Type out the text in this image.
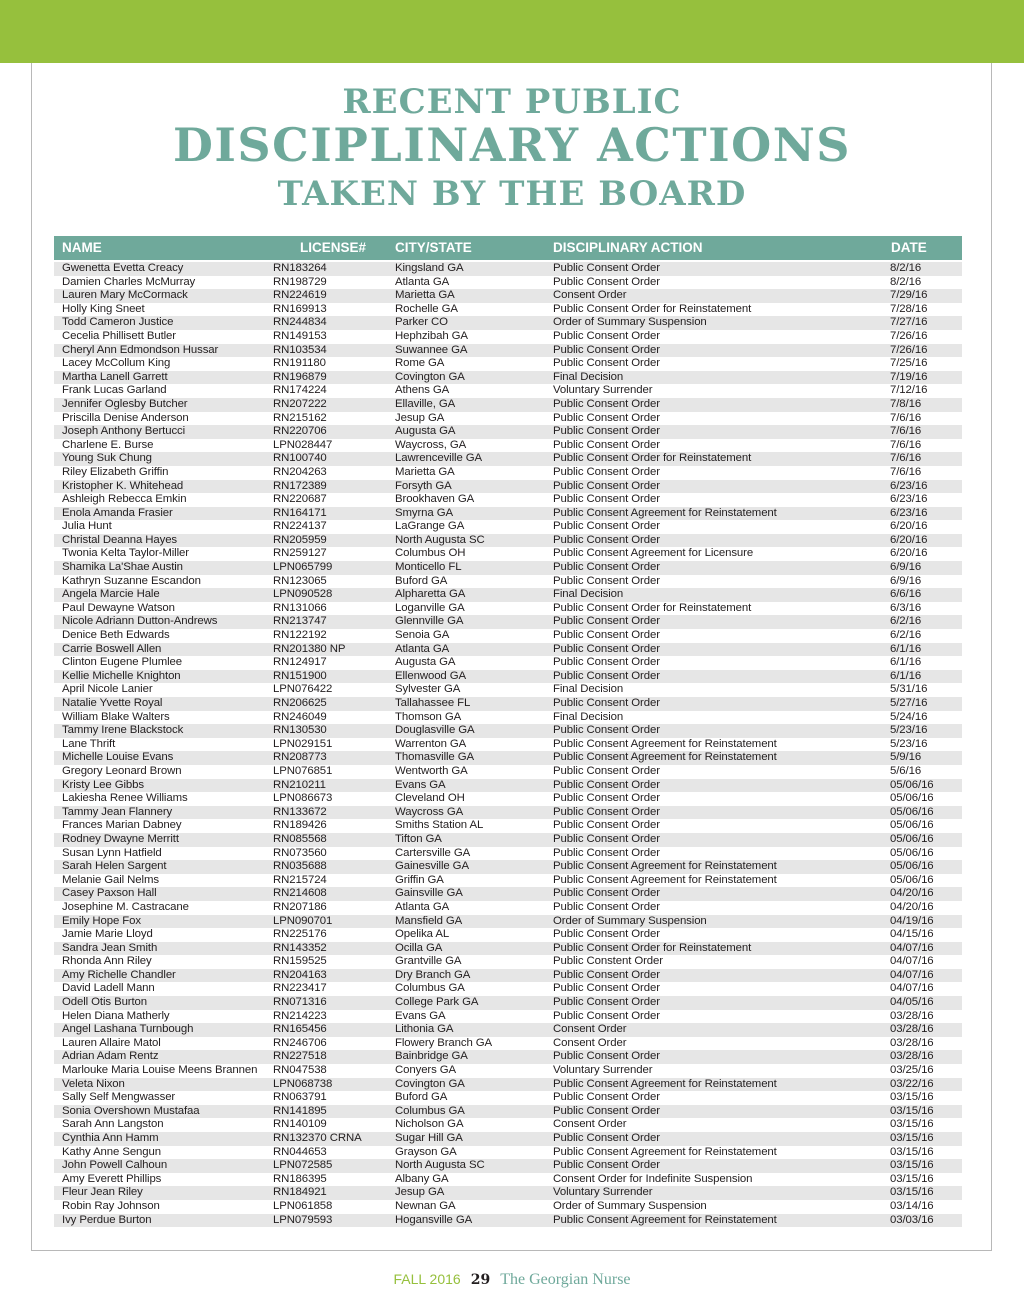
RECENT PUBLIC
DISCIPLINARY ACTIONS
TAKEN BY THE BOARD
NAME	LICENSE# CITY/STATE	DISCIPLINARY ACTION	DATE
Gwenetta Evetta Creacy	RN183264	Kingsland GA	Public Consent Order	8/2/16
Damien Charles McMurray	RN198729	Atlanta GA	Public Consent Order	8/2/16
Lauren Mary McCormack	RN224619	Marietta GA	Consent Order	7/29/16
Holly King Sneet	RN169913	Rochelle GA	Public Consent Order for Reinstatement	7/28/16
Todd Cameron Justice	RN244834	Parker CO	Order of Summary Suspension	7/27/16
Cecelia Phillisett Butler	RN149153	Hephzibah GA	Public Consent Order	7/26/16
Cheryl Ann Edmondson Hussar	RN103534	Suwannee GA	Public Consent Order	7/26/16
Lacey McCollum King	RN191180	Rome GA	Public Consent Order	7/25/16
Martha Lanell Garrett	RN196879	Covington GA	Final Decision	7/19/16
Frank Lucas Garland	RN174224	Athens GA	Voluntary Surrender	7/12/16
Jennifer Oglesby Butcher	RN207222	Ellaville, GA	Public Consent Order	7/8/16
Priscilla Denise Anderson	RN215162	Jesup GA	Public Consent Order	7/6/16
Joseph Anthony Bertucci	RN220706	Augusta GA	Public Consent Order	7/6/16
Charlene E. Burse	LPN028447	Waycross, GA	Public Consent Order	7/6/16
Young Suk Chung	RN100740	Lawrenceville GA	Public Consent Order for Reinstatement	7/6/16
Riley Elizabeth Griffin	RN204263	Marietta GA	Public Consent Order	7/6/16
Kristopher K. Whitehead	RN172389	Forsyth GA	Public Consent Order	6/23/16
Ashleigh Rebecca Emkin	RN220687	Brookhaven GA	Public Consent Order	6/23/16
Enola Amanda Frasier	RN164171	Smyrna GA	Public Consent Agreement for Reinstatement	6/23/16
Julia Hunt	RN224137	LaGrange GA	Public Consent Order	6/20/16
Christal Deanna Hayes	RN205959	North Augusta SC	Public Consent Order	6/20/16
Twonia Kelta Taylor-Miller	RN259127	Columbus OH	Public Consent Agreement for Licensure	6/20/16
Shamika La'Shae Austin	LPN065799	Monticello FL	Public Consent Order	6/9/16
Kathryn Suzanne Escandon	RN123065	Buford GA	Public Consent Order	6/9/16
Angela Marcie Hale	LPN090528	Alpharetta GA	Final Decision	6/6/16
Paul Dewayne Watson	RN131066	Loganville GA	Public Consent Order for Reinstatement	6/3/16
Nicole Adriann Dutton-Andrews	RN213747	Glennville GA	Public Consent Order	6/2/16
Denice Beth Edwards	RN122192	Senoia GA	Public Consent Order	6/2/16
Carrie Boswell Allen	RN201380 NP	Atlanta GA	Public Consent Order	6/1/16
Clinton Eugene Plumlee	RN124917	Augusta GA	Public Consent Order	6/1/16
Kellie Michelle Knighton	RN151900	Ellenwood GA	Public Consent Order	6/1/16
April Nicole Lanier	LPN076422	Sylvester GA	Final Decision	5/31/16
Natalie Yvette Royal	RN206625	Tallahassee FL	Public Consent Order	5/27/16
William Blake Walters	RN246049	Thomson GA	Final Decision	5/24/16
Tammy Irene Blackstock	RN130530	Douglasville GA	Public Consent Order	5/23/16
Lane Thrift	LPN029151	Warrenton GA	Public Consent Agreement for Reinstatement	5/23/16
Michelle Louise Evans	RN208773	Thomasville GA	Public Consent Agreement for Reinstatement	5/9/16
Gregory Leonard Brown	LPN076851	Wentworth GA	Public Consent Order	5/6/16
Kristy Lee Gibbs	RN210211	Evans GA	Public Consent Order	05/06/16
Lakiesha Renee Williams	LPN086673	Cleveland OH	Public Consent Order	05/06/16
Tammy Jean Flannery	RN133672	Waycross GA	Public Consent Order	05/06/16
Frances Marian Dabney	RN189426	Smiths Station AL	Public Consent Order	05/06/16
Rodney Dwayne Merritt	RN085568	Tifton GA	Public Consent Order	05/06/16
Susan Lynn Hatfield	RN073560	Cartersville GA	Public Consent Order	05/06/16
Sarah Helen Sargent	RN035688	Gainesville GA	Public Consent Agreement for Reinstatement	05/06/16
Melanie Gail Nelms	RN215724	Griffin GA	Public Consent Agreement for Reinstatement	05/06/16
Casey Paxson Hall	RN214608	Gainsville GA	Public Consent Order	04/20/16
Josephine M. Castracane	RN207186	Atlanta GA	Public Consent Order	04/20/16
Emily Hope Fox	LPN090701	Mansfield GA	Order of Summary Suspension	04/19/16
Jamie Marie Lloyd	RN225176	Opelika AL	Public Consent Order	04/15/16
Sandra Jean Smith	RN143352	Ocilla GA	Public Consent Order for Reinstatement	04/07/16
Rhonda Ann Riley	RN159525	Grantville GA	Public Constent Order	04/07/16
Amy Richelle Chandler	RN204163	Dry Branch GA	Public Consent Order	04/07/16
David Ladell Mann	RN223417	Columbus GA	Public Consent Order	04/07/16
Odell Otis Burton	RN071316	College Park GA	Public Consent Order	04/05/16
Helen Diana Matherly	RN214223	Evans GA	Public Consent Order	03/28/16
Angel Lashana Turnbough	RN165456	Lithonia GA	Consent Order	03/28/16
Lauren Allaire Matol	RN246706	Flowery Branch GA	Consent Order	03/28/16
Adrian Adam Rentz	RN227518	Bainbridge GA	Public Consent Order	03/28/16
Marlouke Maria Louise Meens Brannen RN047538	Conyers GA	Voluntary Surrender	03/25/16
Veleta Nixon	LPN068738	Covington GA	Public Consent Agreement for Reinstatement	03/22/16
Sally Self Mengwasser	RN063791	Buford GA	Public Consent Order	03/15/16
Sonia Overshown Mustafaa	RN141895	Columbus GA	Public Consent Order	03/15/16
Sarah Ann Langston	RN140109	Nicholson GA	Consent Order	03/15/16
Cynthia Ann Hamm	RN132370 CRNA	Sugar Hill GA	Public Consent Order	03/15/16
Kathy Anne Sengun	RN044653	Grayson GA	Public Consent Agreement for Reinstatement	03/15/16
John Powell Calhoun	LPN072585	North Augusta SC	Public Consent Order	03/15/16
Amy Everett Phillips	RN186395	Albany GA	Consent Order for Indefinite Suspension	03/15/16
Fleur Jean Riley	RN184921	Jesup GA	Voluntary Surrender	03/15/16
Robin Ray Johnson	LPN061858	Newnan GA	Order of Summary Suspension	03/14/16
Ivy Perdue Burton	LPN079593	Hogansville GA	Public Consent Agreement for Reinstatement	03/03/16
FALL 2016 29 The Georgian Nurse
